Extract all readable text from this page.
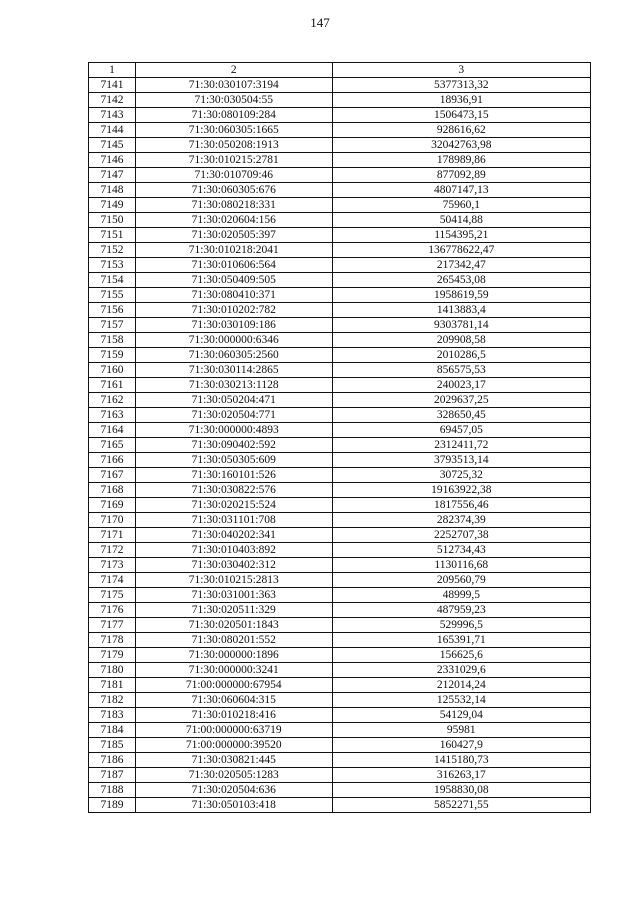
147
1	2	3
7141	71:30:030107:3194	5377313,32
7142	71:30:030504:55	18936,91
7143	71:30:080109:284	1506473,15
7144	71:30:060305:1665	928616,62
7145	71:30:050208:1913	32042763,98
7146	71:30:010215:2781	178989,86
7147	71:30:010709:46	877092,89
7148	71:30:060305:676	4807147,13
7149	71:30:080218:331	75960,1
7150	71:30:020604:156	50414,88
7151	71:30:020505:397	1154395,21
7152	71:30:010218:2041	136778622,47
7153	71:30:010606:564	217342,47
7154	71:30:050409:505	265453,08
7155	71:30:080410:371	1958619,59
7156	71:30:010202:782	1413883,4
7157	71:30:030109:186	9303781,14
7158	71:30:000000:6346	209908,58
7159	71:30:060305:2560	2010286,5
7160	71:30:030114:2865	856575,53
7161	71:30:030213:1128	240023,17
7162	71:30:050204:471	2029637,25
7163	71:30:020504:771	328650,45
7164	71:30:000000:4893	69457,05
7165	71:30:090402:592	2312411,72
7166	71:30:050305:609	3793513,14
7167	71:30:160101:526	30725,32
7168	71:30:030822:576	19163922,38
7169	71:30:020215:524	1817556,46
7170	71:30:031101:708	282374,39
7171	71:30:040202:341	2252707,38
7172	71:30:010403:892	512734,43
7173	71:30:030402:312	1130116,68
7174	71:30:010215:2813	209560,79
7175	71:30:031001:363	48999,5
7176	71:30:020511:329	487959,23
7177	71:30:020501:1843	529996,5
7178	71:30:080201:552	165391,71
7179	71:30:000000:1896	156625,6
7180	71:30:000000:3241	2331029,6
7181	71:00:000000:67954	212014,24
7182	71:30:060604:315	125532,14
7183	71:30:010218:416	54129,04
7184	71:00:000000:63719	95981
7185	71:00:000000:39520	160427,9
7186	71:30:030821:445	1415180,73
7187	71:30:020505:1283	316263,17
7188	71:30:020504:636	1958830,08
7189	71:30:050103:418	5852271,55
